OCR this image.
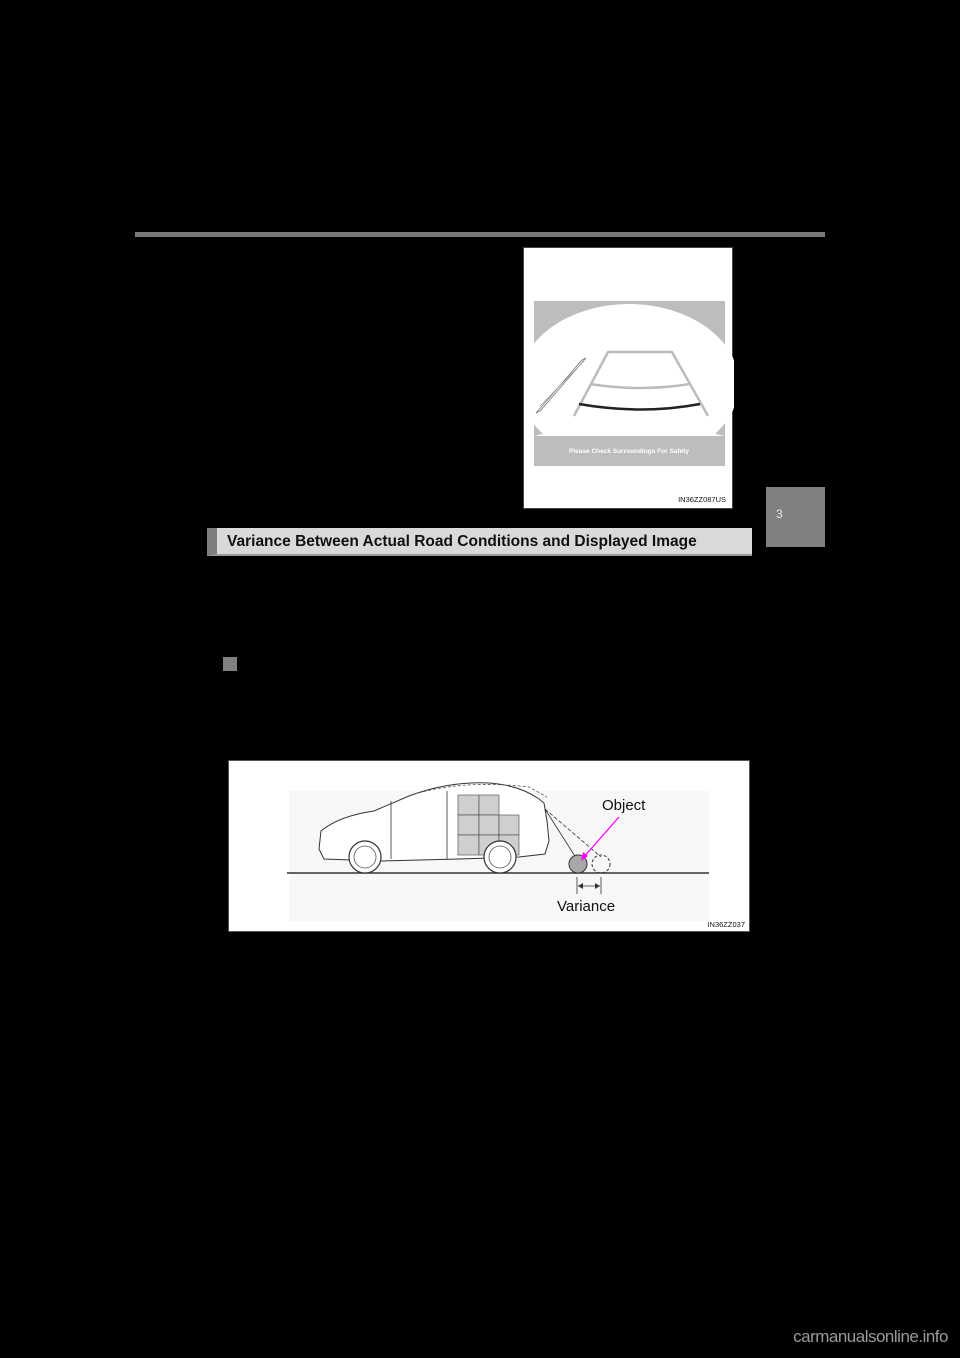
Please Check Surroundings For Safety
IN36ZZ087US
3
Variance Between Actual Road Conditions and Displayed Image
Object
Variance
IN36ZZ037
carmanualsonline.info
